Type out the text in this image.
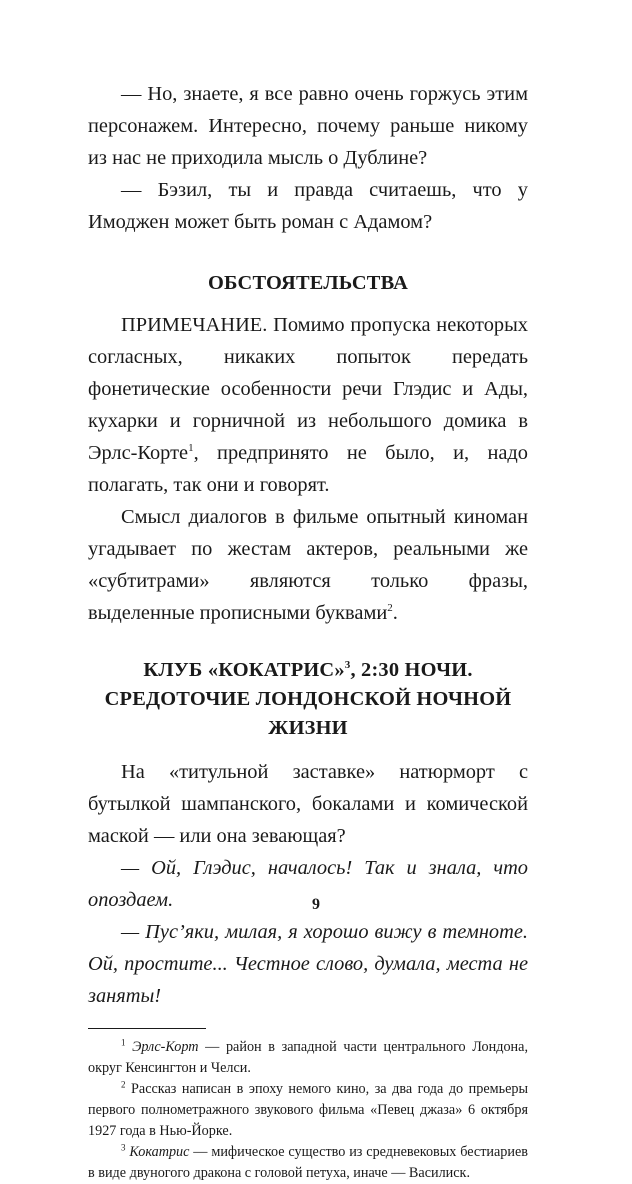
— Но, знаете, я все равно очень горжусь этим персонажем. Интересно, почему раньше никому из нас не приходила мысль о Дублине?

— Бэзил, ты и правда считаешь, что у Имоджен может быть роман с Адамом?

ОБСТОЯТЕЛЬСТВА

ПРИМЕЧАНИЕ. Помимо пропуска некоторых согласных, никаких попыток передать фонетические особенности речи Глэдис и Ады, кухарки и горничной из небольшого домика в Эрлс-Корте$^1$, предпринято не было, и, надо полагать, так они и говорят.

Смысл диалогов в фильме опытный киноман угадывает по жестам актеров, реальными же «субтитрами» являются только фразы, выделенные прописными буквами$^2$.

КЛУБ «КОКАТРИС»$^3$, 2:30 НОЧИ.
СРЕДОТОЧИЕ ЛОНДОНСКОЙ НОЧНОЙ
ЖИЗНИ

На «титульной заставке» натюрморт с бутылкой шампанского, бокалами и комической маской — или она зевающая?

— Ой, Глэдис, началось! Так и знала, что опоздаем.

— Пус’яки, милая, я хорошо вижу в темноте. Ой, простите... Честное слово, думала, места не заняты!

$^1$ Эрлс-Корт — район в западной части центрального Лондона, округ Кенсингтон и Челси.

$^2$ Рассказ написан в эпоху немого кино, за два года до премьеры первого полнометражного звукового фильма «Певец джаза» 6 октября 1927 года в Нью-Йорке.

$^3$ Кокатрис — мифическое существо из средневековых бестиариев в виде двуногого дракона с головой петуха, иначе — Василиск.

9
